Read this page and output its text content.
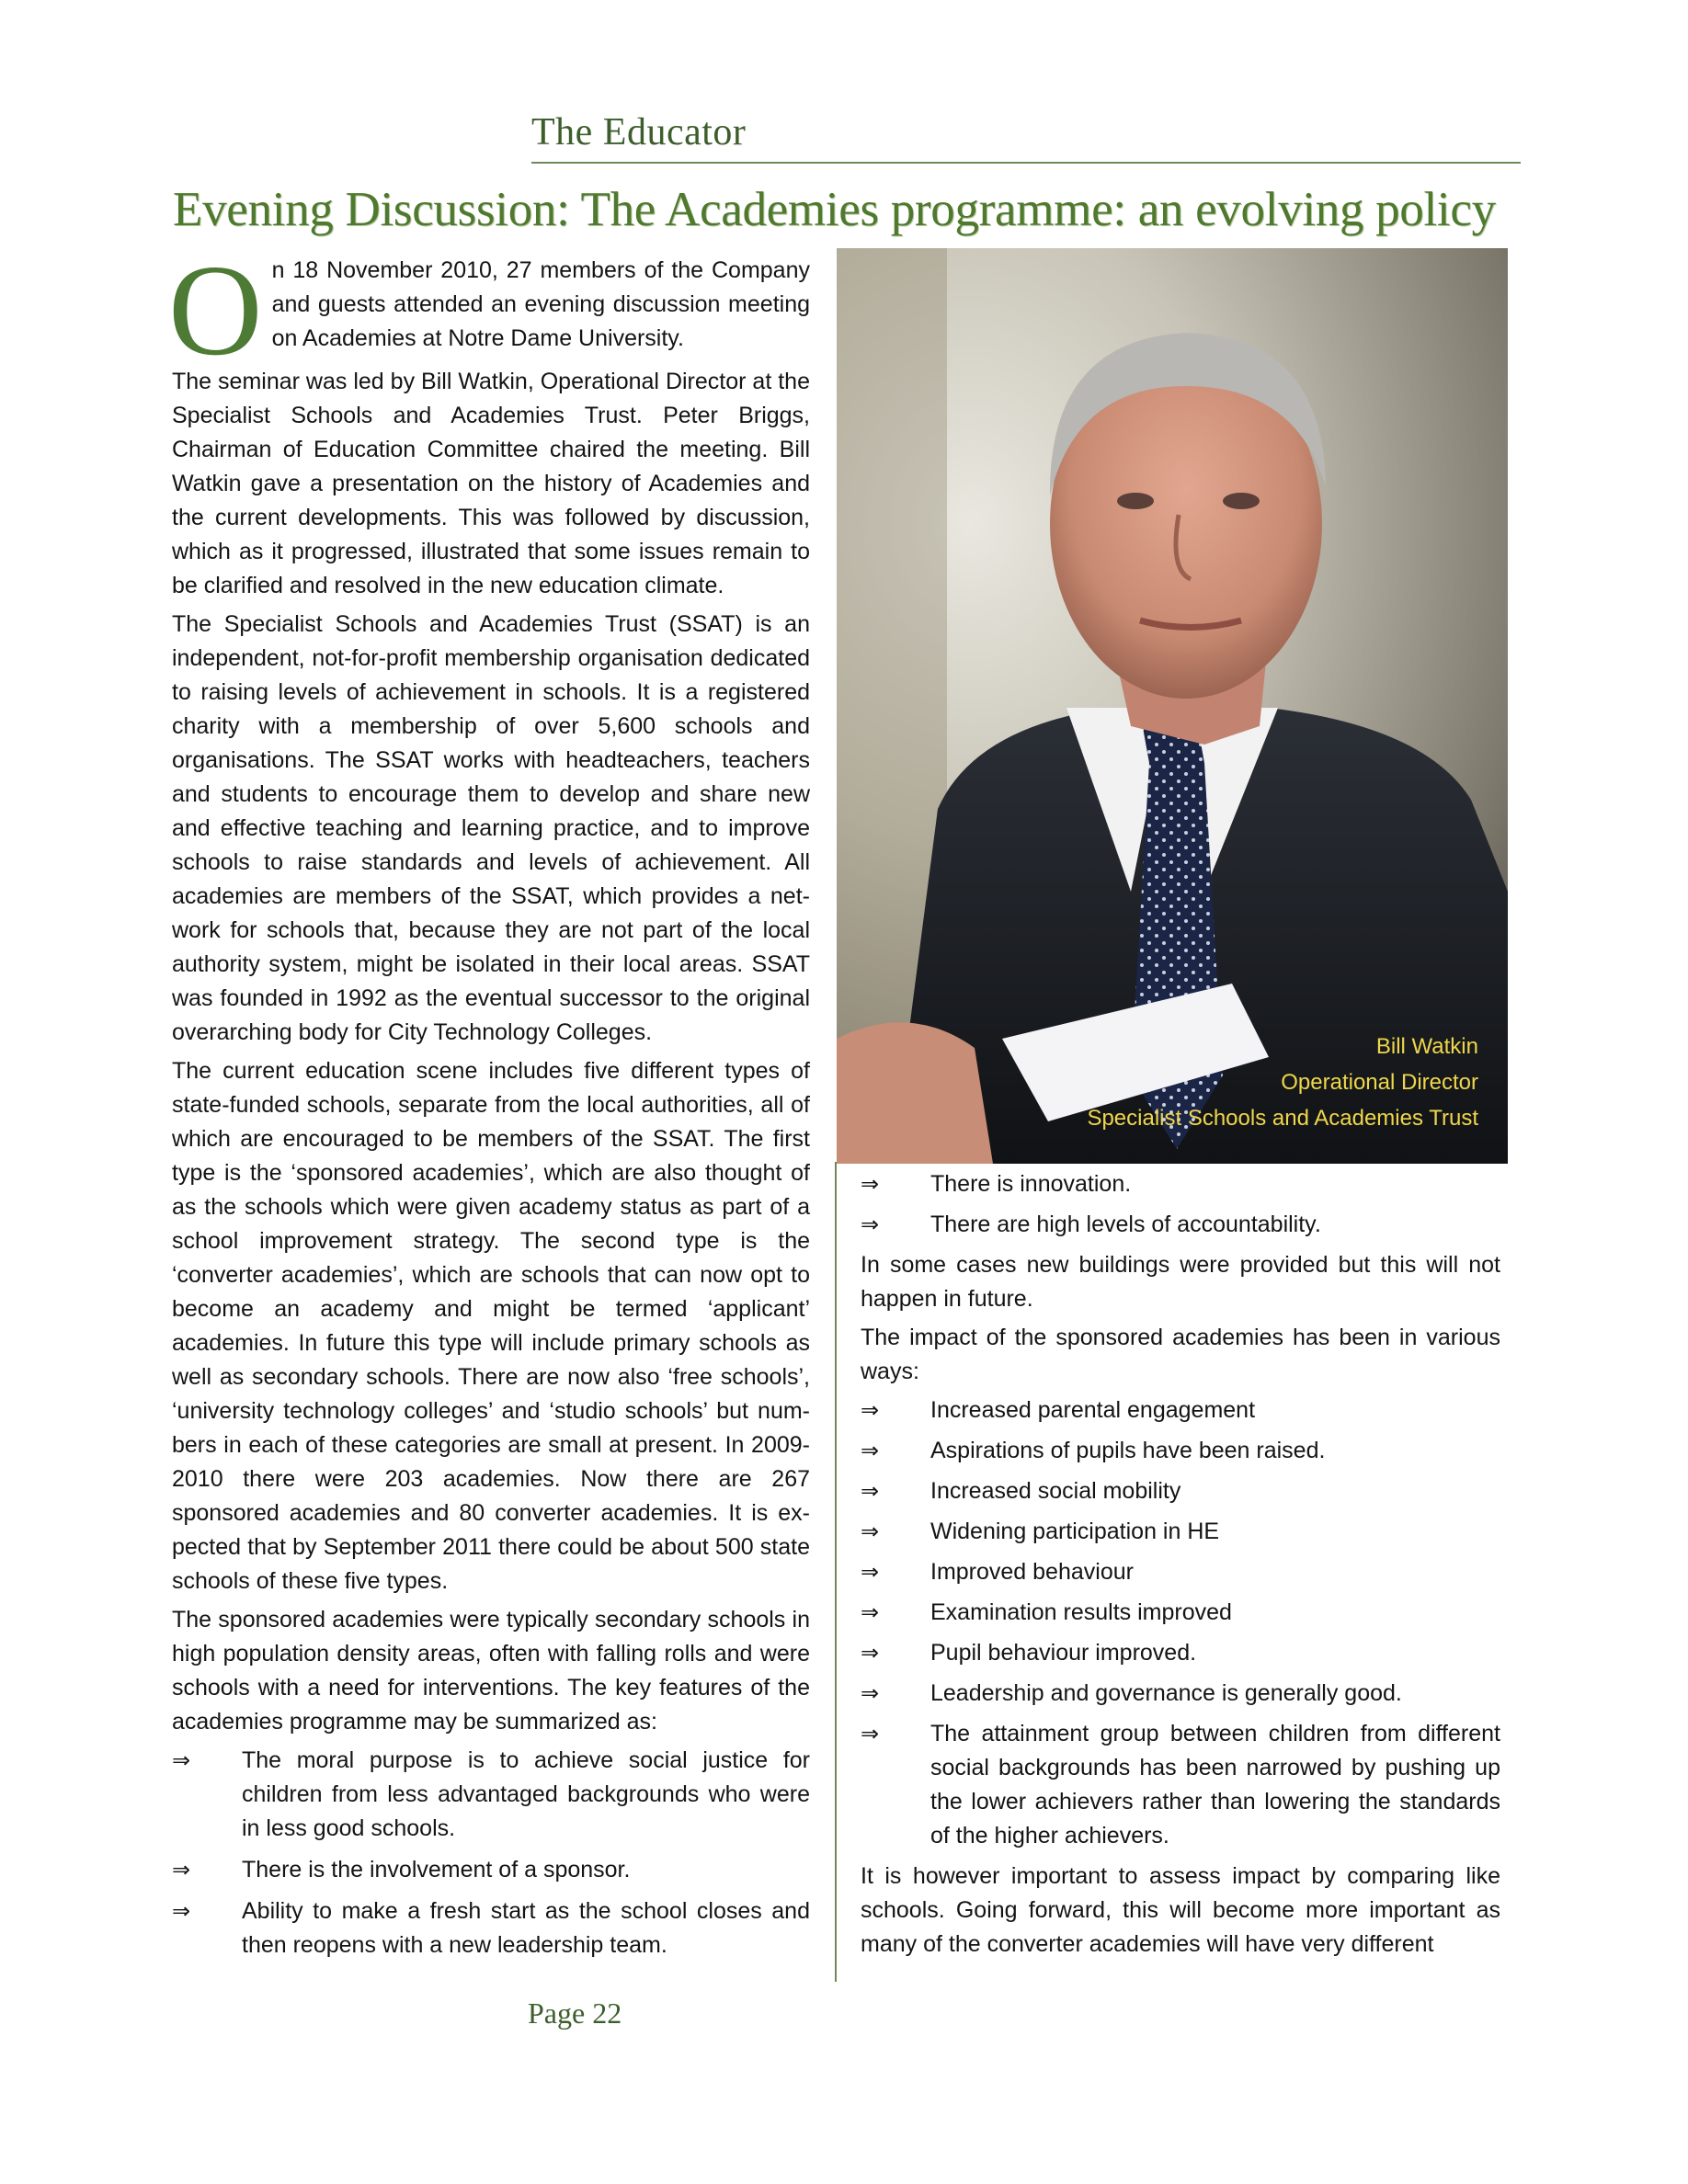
The Educator
Evening Discussion: The Academies programme: an evolving policy

On 18 November 2010, 27 members of the Company and guests attended an evening discussion meeting on Academies at Notre Dame University.

The seminar was led by Bill Watkin, Operational Director at the Specialist Schools and Academies Trust. Peter Briggs, Chairman of Education Committee chaired the meeting. Bill Watkin gave a presentation on the history of Academies and the current developments. This was followed by discussion, which as it progressed, illustrated that some issues remain to be clarified and resolved in the new education climate.

The Specialist Schools and Academies Trust (SSAT) is an independent, not-for-profit membership organisation dedicated to raising levels of achievement in schools. It is a registered charity with a membership of over 5,600 schools and organisations. The SSAT works with headteachers, teachers and students to encourage them to develop and share new and effective teaching and learning practice, and to improve schools to raise standards and levels of achievement. All academies are members of the SSAT, which provides a network for schools that, because they are not part of the local authority system, might be isolated in their local areas. SSAT was founded in 1992 as the eventual successor to the original overarching body for City Technology Colleges.

The current education scene includes five different types of state-funded schools, separate from the local authorities, all of which are encouraged to be members of the SSAT. The first type is the ‘sponsored academies’, which are also thought of as the schools which were given academy status as part of a school improvement strategy. The second type is the ‘converter academies’, which are schools that can now opt to become an academy and might be termed ‘applicant’ academies. In future this type will include primary schools as well as secondary schools. There are now also ‘free schools’, ‘university technology colleges’ and ‘studio schools’ but numbers in each of these categories are small at present. In 2009-2010 there were 203 academies. Now there are 267 sponsored academies and 80 converter academies. It is expected that by September 2011 there could be about 500 state schools of these five types.

The sponsored academies were typically secondary schools in high population density areas, often with falling rolls and were schools with a need for interventions. The key features of the academies programme may be summarized as:

⇒ The moral purpose is to achieve social justice for children from less advantaged backgrounds who were in less good schools.
⇒ There is the involvement of a sponsor.
⇒ Ability to make a fresh start as the school closes and then reopens with a new leadership team.
Bill Watkin
Operational Director
Specialist Schools and Academies Trust
⇒ There is innovation.
⇒ There are high levels of accountability.

In some cases new buildings were provided but this will not happen in future.

The impact of the sponsored academies has been in various ways:

⇒ Increased parental engagement
⇒ Aspirations of pupils have been raised.
⇒ Increased social mobility
⇒ Widening participation in HE
⇒ Improved behaviour
⇒ Examination results improved
⇒ Pupil behaviour improved.
⇒ Leadership and governance is generally good.
⇒ The attainment group between children from different social backgrounds has been narrowed by pushing up the lower achievers rather than lowering the standards of the higher achievers.

It is however important to assess impact by comparing like schools. Going forward, this will become more important as many of the converter academies will have very different

Page 22
